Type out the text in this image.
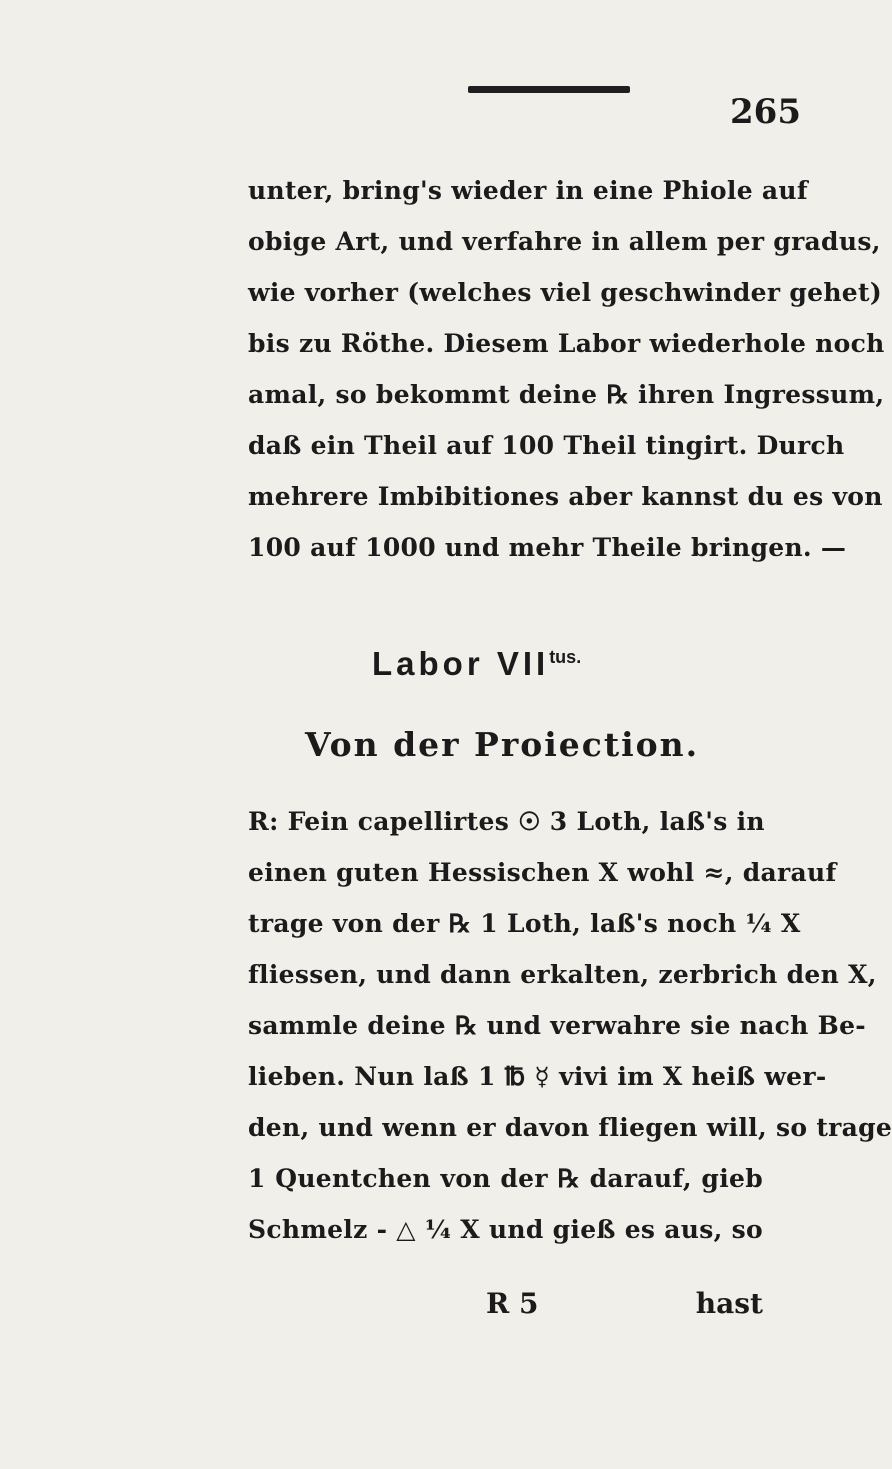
265
unter, bring's wieder in eine Phiole auf
obige Art, und verfahre in allem per gradus,
wie vorher (welches viel geschwinder gehet)
bis zu Röthe. Diesem Labor wiederhole noch
amal, so bekommt deine ℞ ihren Ingressum,
daß ein Theil auf 100 Theil tingirt. Durch
mehrere Imbibitiones aber kannst du es von
100 auf 1000 und mehr Theile bringen. —
Labor $VII^{tus.}$
Von der Proiection.
R: Fein capellirtes ☉ 3 Loth, laß's in
einen guten Hessischen X wohl ≈, darauf
trage von der ℞ 1 Loth, laß's noch ¼ X
fliessen, und dann erkalten, zerbrich den X,
sammle deine ℞ und verwahre sie nach Be-
lieben. Nun laß 1 ℔ ☿ vivi im X heiß wer-
den, und wenn er davon fliegen will, so trage
1 Quentchen von der ℞ darauf, gieb
Schmelz - △ ¼ X und gieß es aus, so
R 5	hast
